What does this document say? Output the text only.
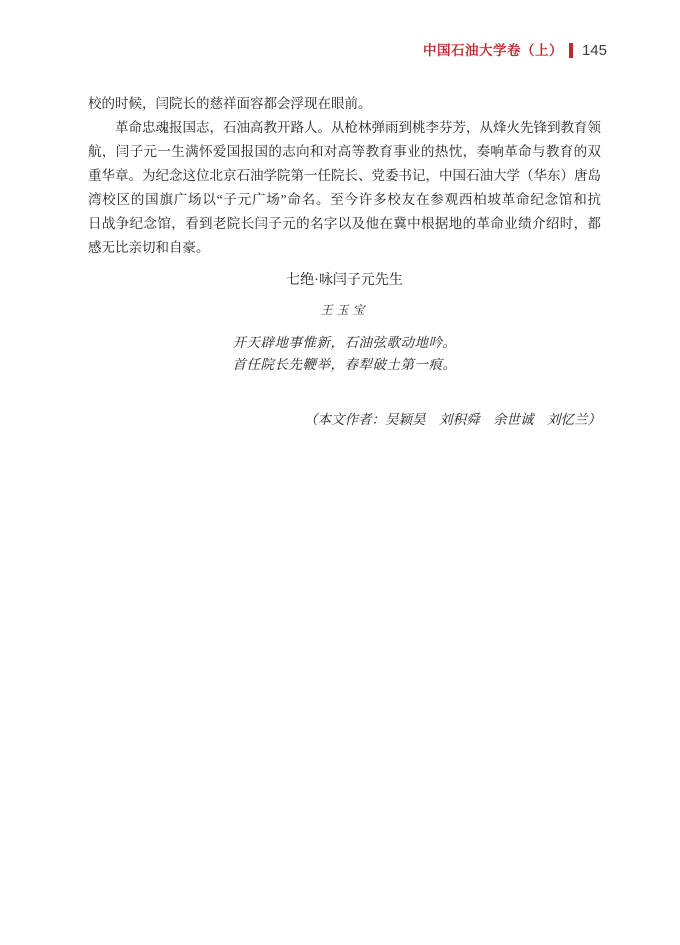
中国石油大学卷（上） 145

校的时候，闫院长的慈祥面容都会浮现在眼前。

革命忠魂报国志，石油高教开路人。从枪林弹雨到桃李芬芳，从烽火先锋到教育领

航，闫子元一生满怀爱国报国的志向和对高等教育事业的热忱，奏响革命与教育的双

重华章。为纪念这位北京石油学院第一任院长、党委书记，中国石油大学（华东）唐岛

湾校区的国旗广场以“子元广场”命名。至今许多校友在参观西柏坡革命纪念馆和抗

日战争纪念馆，看到老院长闫子元的名字以及他在冀中根据地的革命业绩介绍时，都

感无比亲切和自豪。

七绝·咏闫子元先生

王玉宝

开天辟地事惟新，石油弦歌动地吟。

首任院长先鞭举，春犁破土第一痕。

（本文作者：吴颖昊　刘积舜　余世诚　刘忆兰）
